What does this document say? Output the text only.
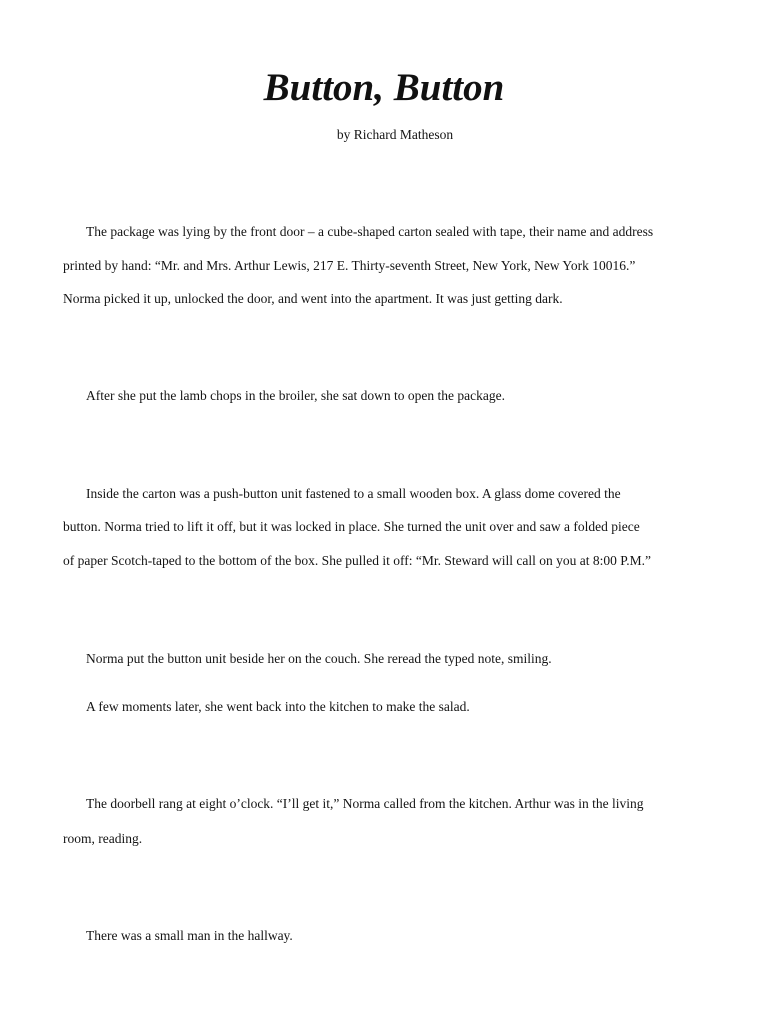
Button, Button

by Richard Matheson

The package was lying by the front door – a cube-shaped carton sealed with tape, their name and address

printed by hand: “Mr. and Mrs. Arthur Lewis, 217 E. Thirty-seventh Street, New York, New York 10016.”

Norma picked it up, unlocked the door, and went into the apartment. It was just getting dark.

After she put the lamb chops in the broiler, she sat down to open the package.

Inside the carton was a push-button unit fastened to a small wooden box. A glass dome covered the

button. Norma tried to lift it off, but it was locked in place. She turned the unit over and saw a folded piece

of paper Scotch-taped to the bottom of the box. She pulled it off: “Mr. Steward will call on you at 8:00 P.M.”

Norma put the button unit beside her on the couch. She reread the typed note, smiling.

A few moments later, she went back into the kitchen to make the salad.

The doorbell rang at eight o’clock. “I’ll get it,” Norma called from the kitchen. Arthur was in the living

room, reading.

There was a small man in the hallway.
